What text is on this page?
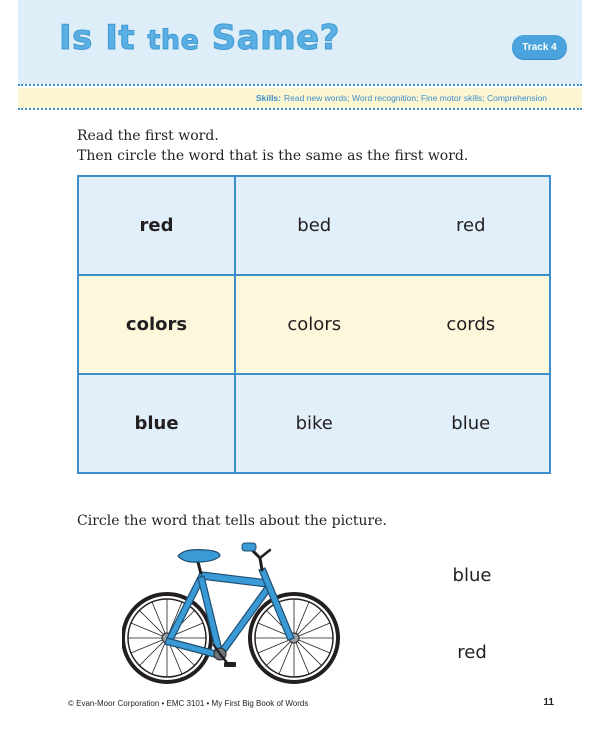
Is It the Same?	Track 4
Skills: Read new words; Word recognition; Fine motor skills; Comprehension
Read the first word.
Then circle the word that is the same as the first word.
red	bed red

colors	colors cords

blue	bike blue
Circle the word that tells about the picture.
blue
red
© Evan-Moor Corporation • EMC 3101 • My First Big Book of Words	11
